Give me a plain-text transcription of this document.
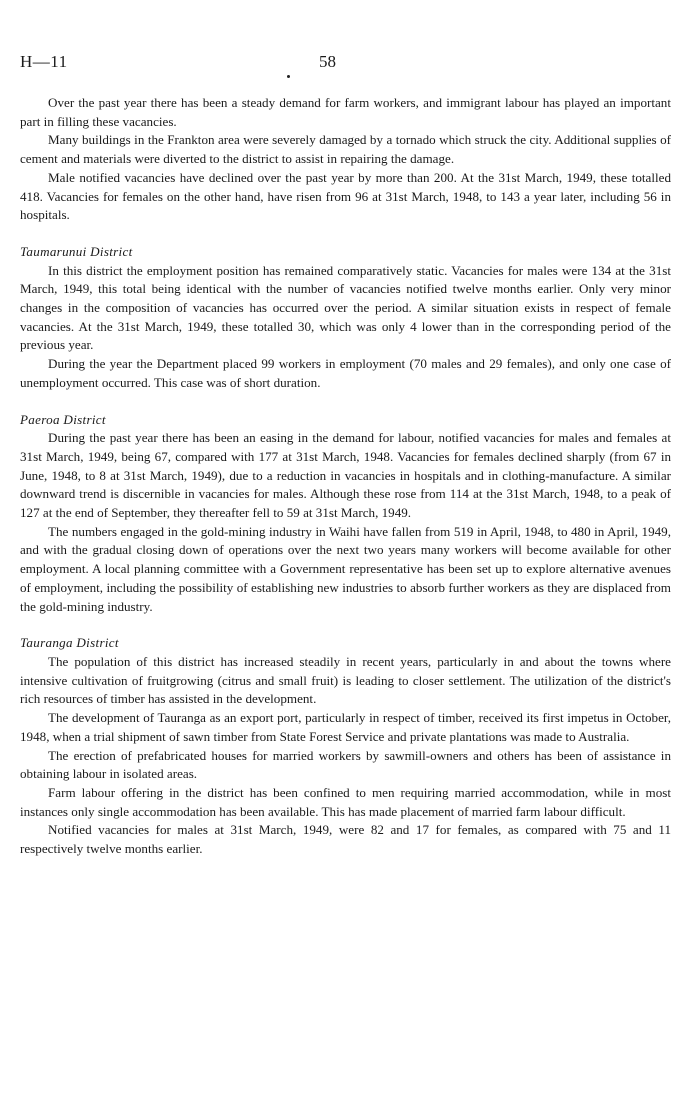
H—11	58

Over the past year there has been a steady demand for farm workers, and immigrant labour has played an important part in filling these vacancies.

Many buildings in the Frankton area were severely damaged by a tornado which struck the city. Additional supplies of cement and materials were diverted to the district to assist in repairing the damage.

Male notified vacancies have declined over the past year by more than 200. At the 31st March, 1949, these totalled 418. Vacancies for females on the other hand, have risen from 96 at 31st March, 1948, to 143 a year later, including 56 in hospitals.

Taumarunui District

In this district the employment position has remained comparatively static. Vacancies for males were 134 at the 31st March, 1949, this total being identical with the number of vacancies notified twelve months earlier. Only very minor changes in the composition of vacancies has occurred over the period. A similar situation exists in respect of female vacancies. At the 31st March, 1949, these totalled 30, which was only 4 lower than in the corresponding period of the previous year.

During the year the Department placed 99 workers in employment (70 males and 29 females), and only one case of unemployment occurred. This case was of short duration.

Paeroa District

During the past year there has been an easing in the demand for labour, notified vacancies for males and females at 31st March, 1949, being 67, compared with 177 at 31st March, 1948. Vacancies for females declined sharply (from 67 in June, 1948, to 8 at 31st March, 1949), due to a reduction in vacancies in hospitals and in clothing-manufacture. A similar downward trend is discernible in vacancies for males. Although these rose from 114 at the 31st March, 1948, to a peak of 127 at the end of September, they thereafter fell to 59 at 31st March, 1949.

The numbers engaged in the gold-mining industry in Waihi have fallen from 519 in April, 1948, to 480 in April, 1949, and with the gradual closing down of operations over the next two years many workers will become available for other employment. A local planning committee with a Government representative has been set up to explore alternative avenues of employment, including the possibility of establishing new industries to absorb further workers as they are displaced from the gold-mining industry.

Tauranga District

The population of this district has increased steadily in recent years, particularly in and about the towns where intensive cultivation of fruitgrowing (citrus and small fruit) is leading to closer settlement. The utilization of the district's rich resources of timber has assisted in the development.

The development of Tauranga as an export port, particularly in respect of timber, received its first impetus in October, 1948, when a trial shipment of sawn timber from State Forest Service and private plantations was made to Australia.

The erection of prefabricated houses for married workers by sawmill-owners and others has been of assistance in obtaining labour in isolated areas.

Farm labour offering in the district has been confined to men requiring married accommodation, while in most instances only single accommodation has been available. This has made placement of married farm labour difficult.

Notified vacancies for males at 31st March, 1949, were 82 and 17 for females, as compared with 75 and 11 respectively twelve months earlier.
